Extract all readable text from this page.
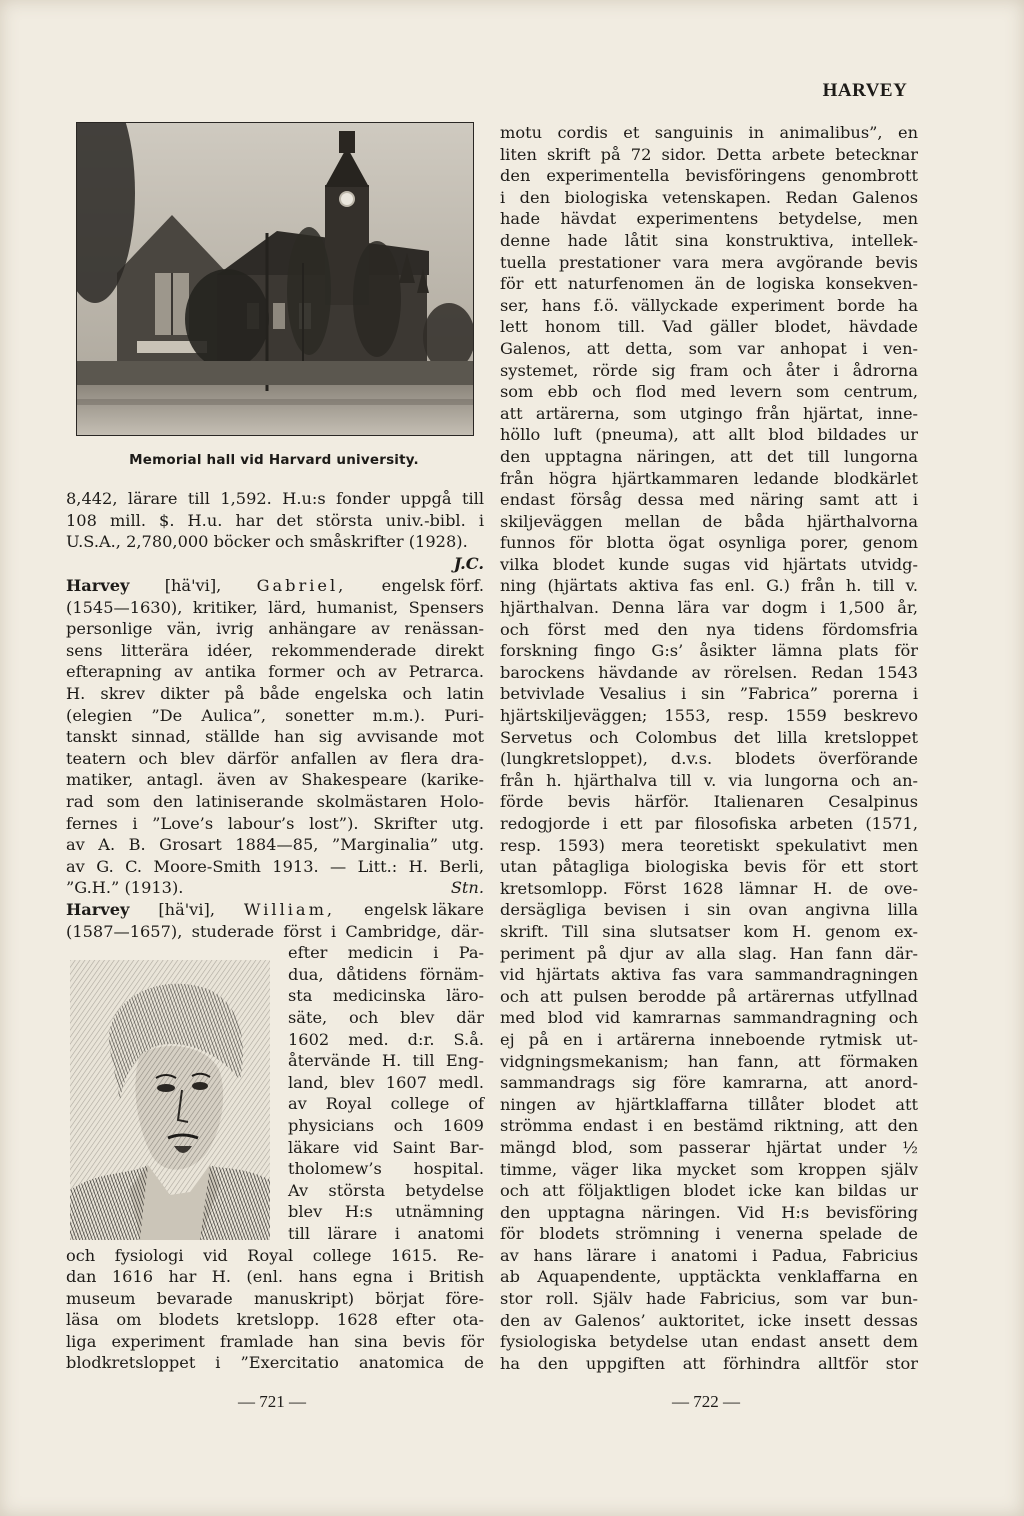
HARVEY
Memorial hall vid Harvard university.
8,442, lärare till 1,592. H.u:s fonder uppgå till
108 mill. $. H.u. har det största univ.-bibl. i
U.S.A., 2,780,000 böcker och småskrifter (1928).
J.C.
Harvey [hä'vi], Gabriel, engelsk förf.
(1545—1630), kritiker, lärd, humanist, Spensers
personlige vän, ivrig anhängare av renässan-
sens litterära idéer, rekommenderade direkt
efterapning av antika former och av Petrarca.
H. skrev dikter på både engelska och latin
(elegien ”De Aulica”, sonetter m.m.). Puri-
tanskt sinnad, ställde han sig avvisande mot
teatern och blev därför anfallen av flera dra-
matiker, antagl. även av Shakespeare (karike-
rad som den latiniserande skolmästaren Holo-
fernes i ”Love’s labour’s lost”). Skrifter utg.
av A. B. Grosart 1884—85, ”Marginalia” utg.
av G. C. Moore-Smith 1913. — Litt.: H. Berli,
”G.H.” (1913).	Stn.
Harvey [hä'vi], William, engelsk läkare
(1587—1657), studerade först i Cambridge, där-
efter medicin i Pa-
dua, dåtidens förnäm-
sta medicinska läro-
säte, och blev där
1602 med. d:r. S.å.
återvände H. till Eng-
land, blev 1607 medl.
av Royal college of
physicians och 1609
läkare vid Saint Bar-
tholomew’s hospital.
Av största betydelse
blev H:s utnämning
till lärare i anatomi
och fysiologi vid Royal college 1615. Re-
dan 1616 har H. (enl. hans egna i British
museum bevarade manuskript) börjat före-
läsa om blodets kretslopp. 1628 efter ota-
liga experiment framlade han sina bevis för
blodkretsloppet i ”Exercitatio anatomica de
— 721 —
motu cordis et sanguinis in animalibus”, en
liten skrift på 72 sidor. Detta arbete betecknar
den experimentella bevisföringens genombrott
i den biologiska vetenskapen. Redan Galenos
hade hävdat experimentens betydelse, men
denne hade låtit sina konstruktiva, intellek-
tuella prestationer vara mera avgörande bevis
för ett naturfenomen än de logiska konsekven-
ser, hans f.ö. vällyckade experiment borde ha
lett honom till. Vad gäller blodet, hävdade
Galenos, att detta, som var anhopat i ven-
systemet, rörde sig fram och åter i ådrorna
som ebb och flod med levern som centrum,
att artärerna, som utgingo från hjärtat, inne-
höllo luft (pneuma), att allt blod bildades ur
den upptagna näringen, att det till lungorna
från högra hjärtkammaren ledande blodkärlet
endast försåg dessa med näring samt att i
skiljeväggen mellan de båda hjärthalvorna
funnos för blotta ögat osynliga porer, genom
vilka blodet kunde sugas vid hjärtats utvidg-
ning (hjärtats aktiva fas enl. G.) från h. till v.
hjärthalvan. Denna lära var dogm i 1,500 år,
och först med den nya tidens fördomsfria
forskning fingo G:s’ åsikter lämna plats för
barockens hävdande av rörelsen. Redan 1543
betvivlade Vesalius i sin ”Fabrica” porerna i
hjärtskiljeväggen; 1553, resp. 1559 beskrevo
Servetus och Colombus det lilla kretsloppet
(lungkretsloppet), d.v.s. blodets överförande
från h. hjärthalva till v. via lungorna och an-
förde bevis härför. Italienaren Cesalpinus
redogjorde i ett par filosofiska arbeten (1571,
resp. 1593) mera teoretiskt spekulativt men
utan påtagliga biologiska bevis för ett stort
kretsomlopp. Först 1628 lämnar H. de ove-
dersägliga bevisen i sin ovan angivna lilla
skrift. Till sina slutsatser kom H. genom ex-
periment på djur av alla slag. Han fann där-
vid hjärtats aktiva fas vara sammandragningen
och att pulsen berodde på artärernas utfyllnad
med blod vid kamrarnas sammandragning och
ej på en i artärerna inneboende rytmisk ut-
vidgningsmekanism; han fann, att förmaken
sammandrags sig före kamrarna, att anord-
ningen av hjärtklaffarna tillåter blodet att
strömma endast i en bestämd riktning, att den
mängd blod, som passerar hjärtat under ½
timme, väger lika mycket som kroppen själv
och att följaktligen blodet icke kan bildas ur
den upptagna näringen. Vid H:s bevisföring
för blodets strömning i venerna spelade de
av hans lärare i anatomi i Padua, Fabricius
ab Aquapendente, upptäckta venklaffarna en
stor roll. Själv hade Fabricius, som var bun-
den av Galenos’ auktoritet, icke insett dessas
fysiologiska betydelse utan endast ansett dem
ha den uppgiften att förhindra alltför stor
— 722 —
